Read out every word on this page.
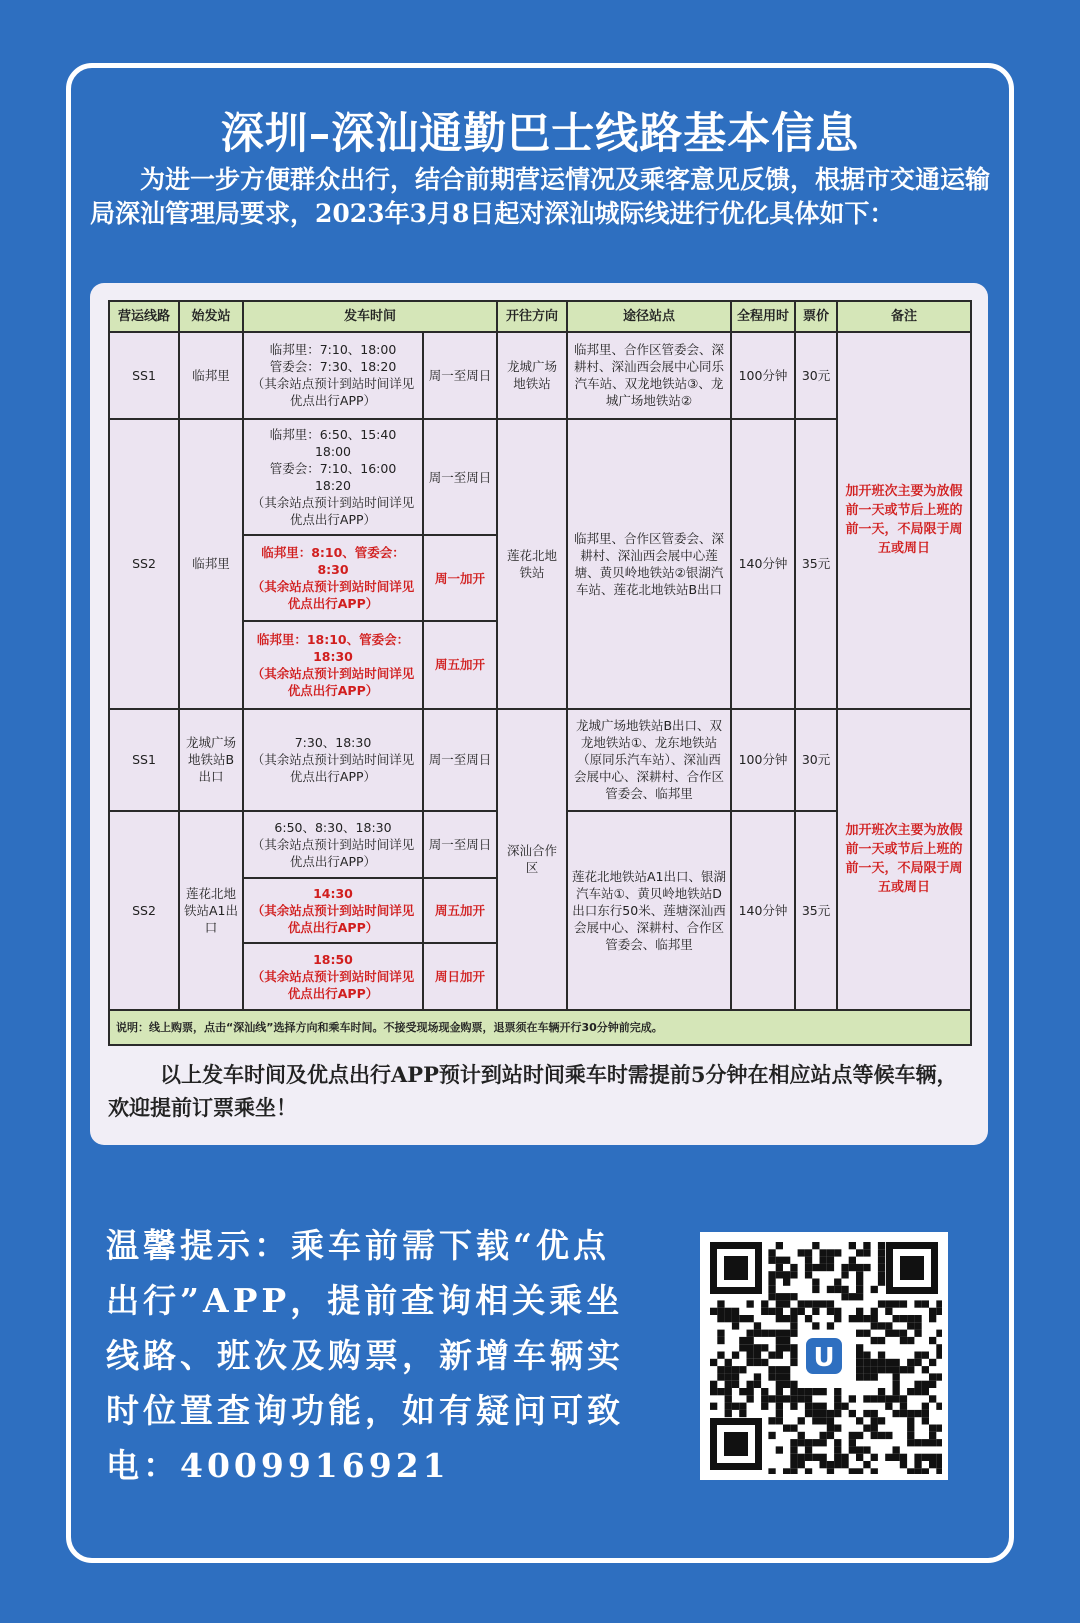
深圳–深汕通勤巴士线路基本信息
为进一步方便群众出行，结合前期营运情况及乘客意见反馈，根据市交通运输局深汕管理局要求，2023年3月8日起对深汕城际线进行优化具体如下：
营运线路	始发站	发车时间		开往方向	途径站点	全程用时	票价	备注
SS1	临邦里	临邦里：7:10、18:00
管委会：7:30、18:20
（其余站点预计到站时间详见优点出行APP）	周一至周日	龙城广场地铁站	临邦里、合作区管委会、深耕村、深汕西会展中心同乐汽车站、双龙地铁站③、龙城广场地铁站②	100分钟	30元	加开班次主要为放假前一天或节后上班的前一天，不局限于周五或周日
SS2	临邦里	临邦里：6:50、15:40
18:00
管委会：7:10、16:00
18:20
（其余站点预计到站时间详见优点出行APP）	周一至周日	莲花北地铁站	临邦里、合作区管委会、深耕村、深汕西会展中心莲塘、黄贝岭地铁站②银湖汽车站、莲花北地铁站B出口	140分钟	35元	
		临邦里：8:10、管委会：8:30
（其余站点预计到站时间详见优点出行APP）	周一加开					
		临邦里：18:10、管委会：18:30
（其余站点预计到站时间详见优点出行APP）	周五加开					
SS1	龙城广场地铁站B出口	7:30、18:30
（其余站点预计到站时间详见优点出行APP）	周一至周日	深汕合作区	龙城广场地铁站B出口、双龙地铁站①、龙东地铁站（原同乐汽车站）、深汕西会展中心、深耕村、合作区管委会、临邦里	100分钟	30元	加开班次主要为放假前一天或节后上班的前一天，不局限于周五或周日
SS2	莲花北地铁站A1出口	6:50、8:30、18:30
（其余站点预计到站时间详见优点出行APP）	周一至周日		莲花北地铁站A1出口、银湖汽车站①、黄贝岭地铁站D出口东行50米、莲塘深汕西会展中心、深耕村、合作区管委会、临邦里	140分钟	35元	
		14:30
（其余站点预计到站时间详见优点出行APP）	周五加开					
		18:50
（其余站点预计到站时间详见优点出行APP）	周日加开					
说明：线上购票，点击“深汕线”选择方向和乘车时间。不接受现场现金购票，退票须在车辆开行30分钟前完成。								
以上发车时间及优点出行APP预计到站时间乘车时需提前5分钟在相应站点等候车辆，欢迎提前订票乘坐！
温馨提示：乘车前需下载“优点出行”APP，提前查询相关乘坐线路、班次及购票，新增车辆实时位置查询功能，如有疑问可致电：4009916921
U
